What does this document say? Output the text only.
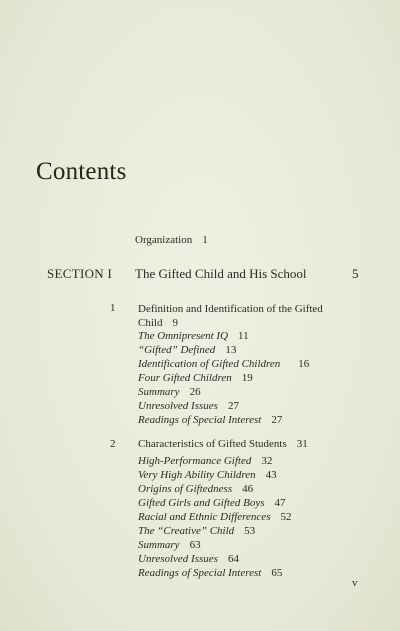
Contents
Organization 1
SECTION I The Gifted Child and His School	5
1 Definition and Identification of the Gifted
Child 9
The Omnipresent IQ 11
“Gifted” Defined 13
Identification of Gifted Children 16
Four Gifted Children 19
Summary 26
Unresolved Issues 27
Readings of Special Interest 27
2 Characteristics of Gifted Students 31
High-Performance Gifted 32
Very High Ability Children 43
Origins of Giftedness 46
Gifted Girls and Gifted Boys 47
Racial and Ethnic Differences 52
The “Creative” Child 53
Summary 63
Unresolved Issues 64
Readings of Special Interest 65
v
